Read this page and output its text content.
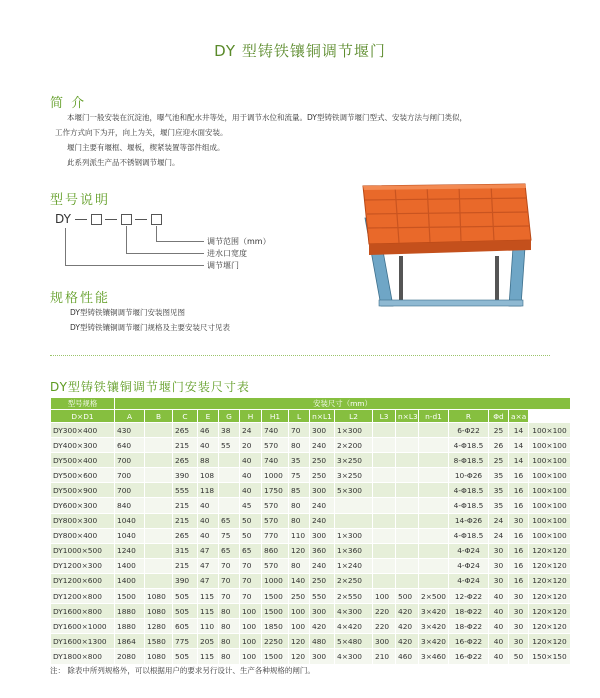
DY 型铸铁镶铜调节堰门
简 介

本堰门一般安装在沉淀池，曝气池和配水井等处，用于调节水位和流量。DY型铸铁调节堰门型式、安装方法与闸门类似，

工作方式向下为开，向上为关，堰门应迎水面安装。

堰门主要有堰框、堰板，楔紧装置等部件组成。

此系列派生产品不锈钢调节堰门。

型号说明
DY
调节范围（mm）
进水口宽度
调节堰门
规格性能

DY型铸铁镶铜调节堰门安装图见图

DY型铸铁镶铜调节堰门规格及主要安装尺寸见表

DY型铸铁镶铜调节堰门安装尺寸表
型号规格	安装尺寸（mm）																
D×D1	A	B	C	E	G	H	H1	L	n×L1	L2	L3	n×L3	n-d1	R	Φd	a×a	
DY300×400	430		265	46	38	24	740	70	300	1×300				6-Φ22	25	14	100×100
DY400×300	640		215	40	55	20	570	80	240	2×200				4-Φ18.5	26	14	100×100
DY500×400	700		265	88		40	740	35	250	3×250				8-Φ18.5	25	14	100×100
DY500×600	700		390	108		40	1000	75	250	3×250				10-Φ26	35	16	100×100
DY500×900	700		555	118		40	1750	85	300	5×300				4-Φ18.5	35	16	100×100
DY600×300	840		215	40		45	570	80	240					4-Φ18.5	35	16	100×100
DY800×300	1040		215	40	65	50	570	80	240					14-Φ26	24	30	100×100
DY800×400	1040		265	40	75	50	770	110	300	1×300				4-Φ18.5	24	16	100×100
DY1000×500	1240		315	47	65	65	860	120	360	1×360				4-Φ24	30	16	120×120
DY1200×300	1400		215	47	70	70	570	80	240	1×240				4-Φ24	30	16	120×120
DY1200×600	1400		390	47	70	70	1000	140	250	2×250				4-Φ24	30	16	120×120
DY1200×800	1500	1080	505	115	70	70	1500	250	550	2×550	100	500	2×500	12-Φ22	40	30	120×120
DY1600×800	1880	1080	505	115	80	100	1500	100	300	4×300	220	420	3×420	18-Φ22	40	30	120×120
DY1600×1000	1880	1280	605	110	80	100	1850	100	420	4×420	220	420	3×420	18-Φ22	40	30	120×120
DY1600×1300	1864	1580	775	205	80	100	2250	120	480	5×480	300	420	3×420	16-Φ22	40	30	120×120
DY1800×800	2080	1080	505	115	80	100	1500	120	300	4×300	210	460	3×460	16-Φ22	40	50	150×150
注： 除表中所列规格外，可以根据用户的要求另行设计、生产各种规格的闸门。
